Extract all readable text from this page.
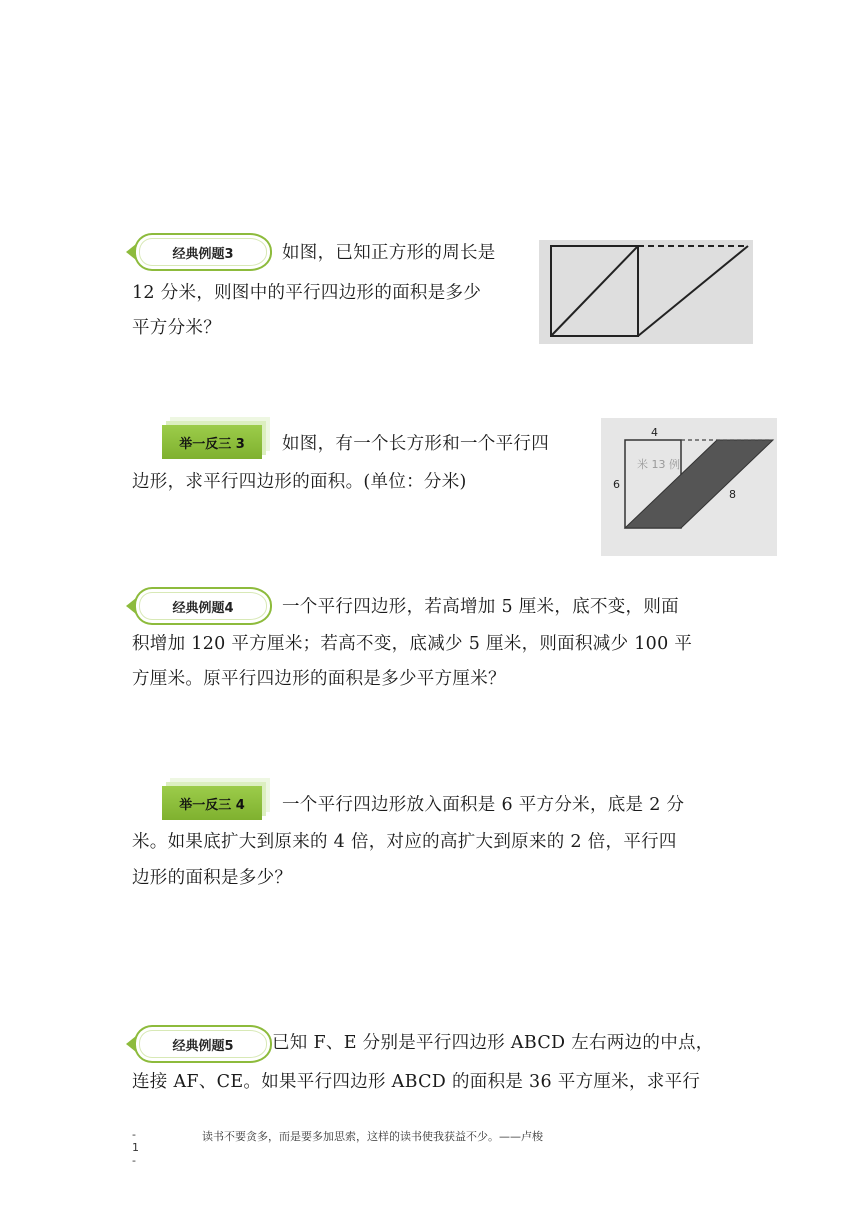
经典例题3	如图，已知正方形的周长是
12 分米，则图中的平行四边形的面积是多少
平方分米？
举一反三 3 如图，有一个长方形和一个平行四
边形，求平行四边形的面积。(单位：分米)
4
6
8
米 13 例
经典例题4	一个平行四边形，若高增加 5 厘米，底不变，则面
积增加 120 平方厘米；若高不变，底减少 5 厘米，则面积减少 100 平
方厘米。原平行四边形的面积是多少平方厘米？
举一反三 4 一个平行四边形放入面积是 6 平方分米，底是 2 分
米。如果底扩大到原来的 4 倍，对应的高扩大到原来的 2 倍，平行四
边形的面积是多少？
经典例题5 已知 F、E 分别是平行四边形 ABCD 左右两边的中点，
连接 AF、CE。如果平行四边形 ABCD 的面积是 36 平方厘米，求平行
- 1 -
读书不要贪多，而是要多加思索，这样的读书使我获益不少。——卢梭
